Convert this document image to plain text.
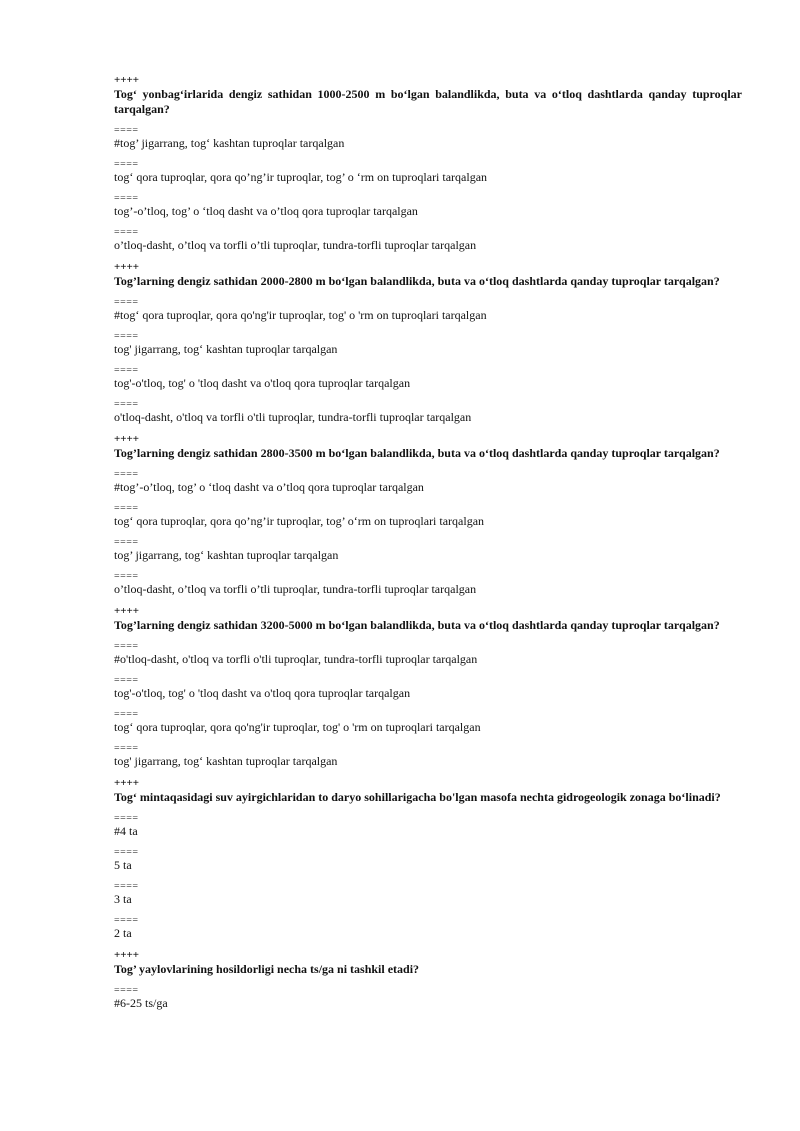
++++
Tog‘ yonbag‘irlarida dengiz sathidan 1000-2500 m bo‘lgan balandlikda, buta va o‘tloq dashtlarda qanday tuproqlar tarqalgan?
====
#tog’ jigarrang, tog‘ kashtan tuproqlar tarqalgan
====
tog‘ qora tuproqlar, qora qo’ng’ir tuproqlar, tog’ o ‘rm on tuproqlari tarqalgan
====
tog’-o’tloq, tog’ o ‘tloq dasht va o’tloq qora tuproqlar tarqalgan
====
o’tloq-dasht, o’tloq va torfli o’tli tuproqlar, tundra-torfli tuproqlar tarqalgan
++++
Tog’larning dengiz sathidan 2000-2800 m bo‘lgan balandlikda, buta va o‘tloq dashtlarda qanday tuproqlar tarqalgan?
====
#tog‘ qora tuproqlar, qora qo'ng'ir tuproqlar, tog' o 'rm on tuproqlari tarqalgan
====
tog' jigarrang, tog‘ kashtan tuproqlar tarqalgan
====
tog'-o'tloq, tog' o 'tloq dasht va o'tloq qora tuproqlar tarqalgan
====
o'tloq-dasht, o'tloq va torfli o'tli tuproqlar, tundra-torfli tuproqlar tarqalgan
++++
Tog’larning dengiz sathidan 2800-3500 m bo‘lgan balandlikda, buta va o‘tloq dashtlarda qanday tuproqlar tarqalgan?
====
#tog’-o’tloq, tog’ o ‘tloq dasht va o’tloq qora tuproqlar tarqalgan
====
tog‘ qora tuproqlar, qora qo’ng’ir tuproqlar, tog’ o‘rm on tuproqlari tarqalgan
====
tog’ jigarrang, tog‘ kashtan tuproqlar tarqalgan
====
o’tloq-dasht, o’tloq va torfli o’tli tuproqlar, tundra-torfli tuproqlar tarqalgan
++++
Tog’larning dengiz sathidan 3200-5000 m bo‘lgan balandlikda, buta va o‘tloq dashtlarda qanday tuproqlar tarqalgan?
====
#o'tloq-dasht, o'tloq va torfli o'tli tuproqlar, tundra-torfli tuproqlar tarqalgan
====
tog'-o'tloq, tog' o 'tloq dasht va o'tloq qora tuproqlar tarqalgan
====
tog‘ qora tuproqlar, qora qo'ng'ir tuproqlar, tog' o 'rm on tuproqlari tarqalgan
====
tog' jigarrang, tog‘ kashtan tuproqlar tarqalgan
++++
Tog‘ mintaqasidagi suv ayirgichlaridan to daryo sohillarigacha bo'lgan masofa nechta gidrogeologik zonaga bo‘linadi?
====
#4 ta
====
5 ta
====
3 ta
====
2 ta
++++
Tog’ yaylovlarining hosildorligi necha ts/ga ni tashkil etadi?
====
#6-25 ts/ga
